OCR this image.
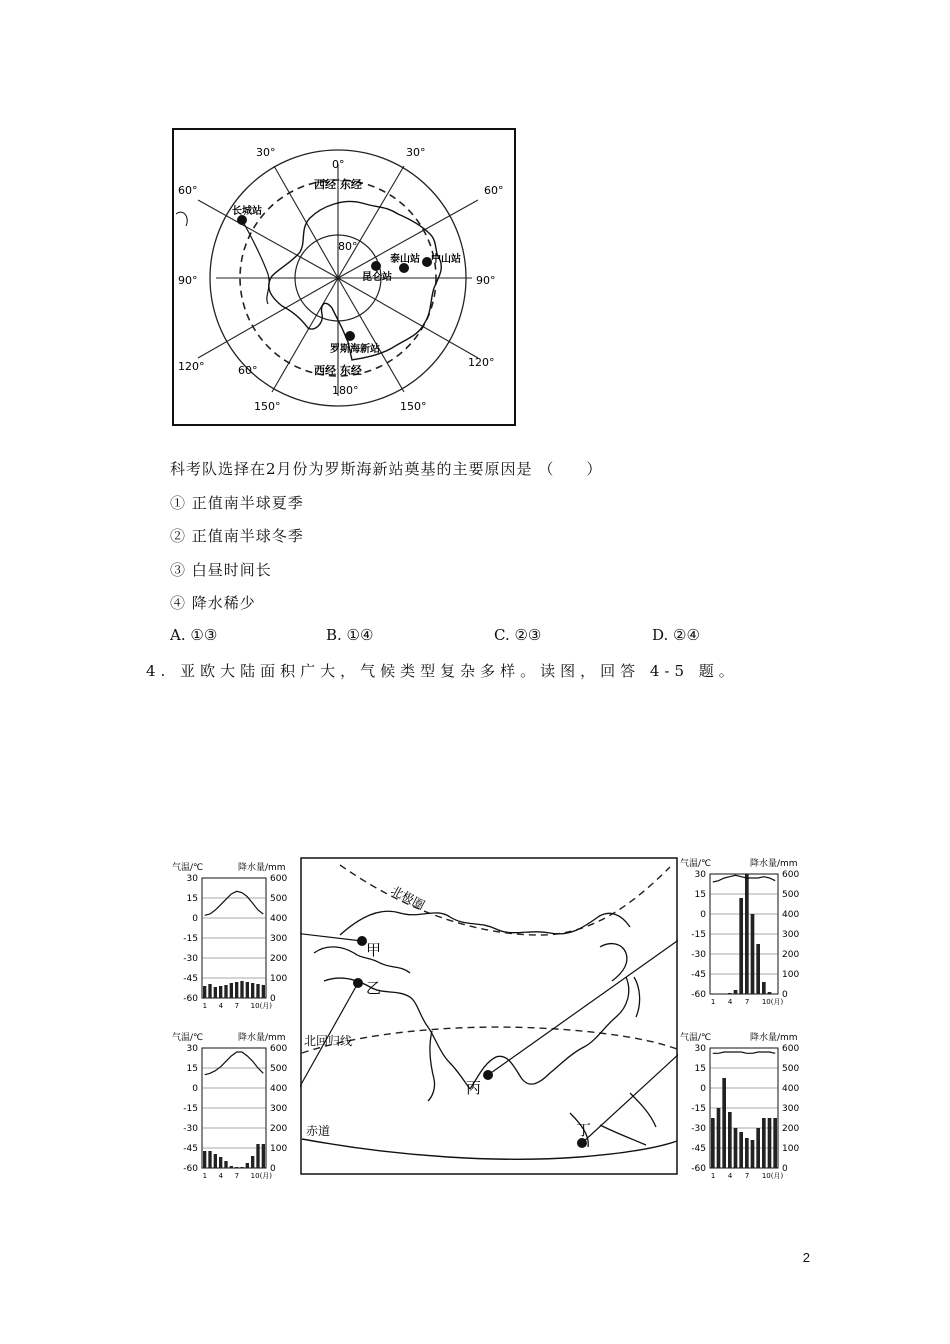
30°
0°
30°
60°	60°
90°	90°
120°	120°
150°
180°
150°
80°
60°
西经 东经
西经 东经
长城站
泰山站 中山站
昆仑站
罗斯海新站
科考队选择在2月份为罗斯海新站奠基的主要原因是 （　　）
① 正值南半球夏季
② 正值南半球冬季
③ 白昼时间长
④ 降水稀少
A. ①③	B. ①④	C. ②③	D. ②④
4. 亚欧大陆面积广大，气候类型复杂多样。读图，回答 4-5 题。
甲
乙
丙
丁
北极圈
北回归线
赤道
气温/℃	降水量/mm
30	600
15	500
0	400
-15	300
-30	200
-45	100
-60	0
1 4 7 10(月)
气温/℃	降水量/mm
30	600
15	500
0	400
-15	300
-30	200
-45	100
-60	0
1 4 7 10(月)
气温/℃	降水量/mm
30	600
15	500
0	400
-15	300
-30	200
-45	100
-60	0
1 4 7 10(月)
气温/℃	降水量/mm
30	600
15	500
0	400
-15	300
-30	200
-45	100
-60	0
1 4 7 10(月)
2
